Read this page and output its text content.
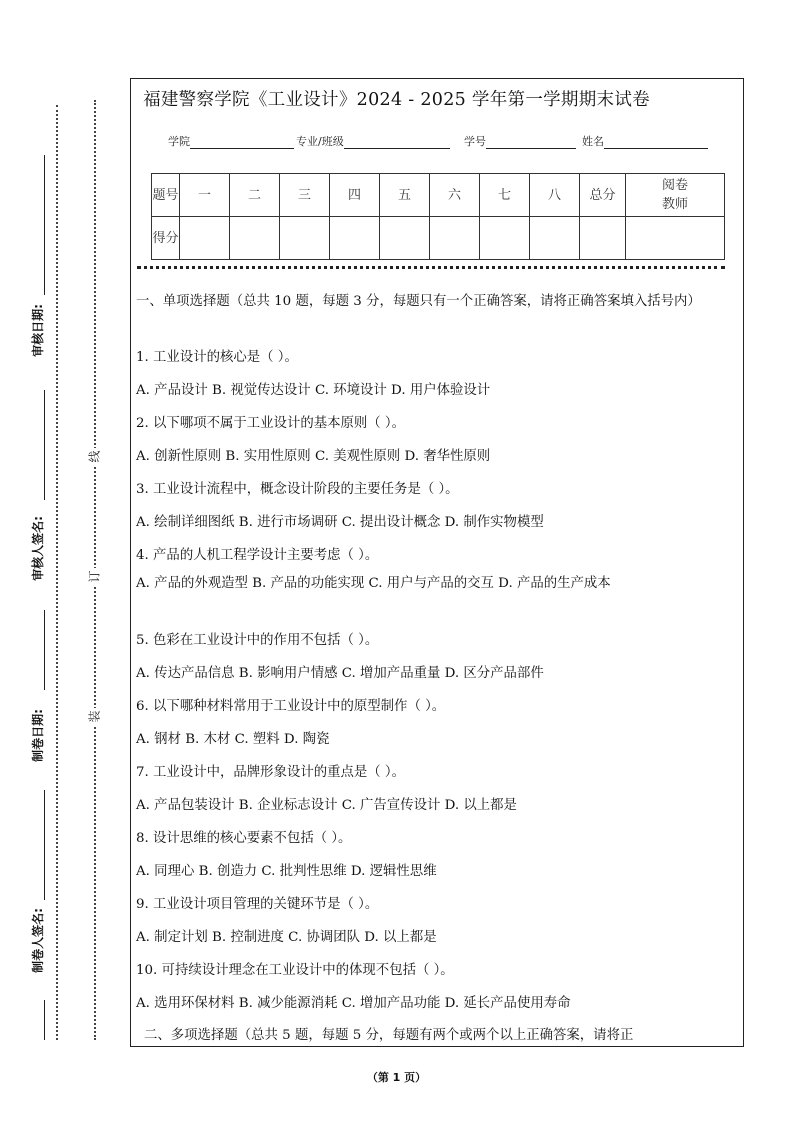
审核日期:
审核人签名:
制卷日期:
制卷人签名:
线
订
装
福建警察学院《工业设计》2024 - 2025 学年第一学期期末试卷
学院	专业/班级	学号	姓名
题号	一	二	三	四	五	六	七	八	总分	阅卷教师
得分										
一、单项选择题（总共 10 题，每题 3 分，每题只有一个正确答案，请将正确答案填入括号内）
1. 工业设计的核心是（ ）。
A. 产品设计 B. 视觉传达设计 C. 环境设计 D. 用户体验设计
2. 以下哪项不属于工业设计的基本原则（ ）。
A. 创新性原则 B. 实用性原则 C. 美观性原则 D. 奢华性原则
3. 工业设计流程中，概念设计阶段的主要任务是（ ）。
A. 绘制详细图纸 B. 进行市场调研 C. 提出设计概念 D. 制作实物模型
4. 产品的人机工程学设计主要考虑（ ）。
A. 产品的外观造型 B. 产品的功能实现 C. 用户与产品的交互 D. 产品的生产成本
5. 色彩在工业设计中的作用不包括（ ）。
A. 传达产品信息 B. 影响用户情感 C. 增加产品重量 D. 区分产品部件
6. 以下哪种材料常用于工业设计中的原型制作（ ）。
A. 钢材 B. 木材 C. 塑料 D. 陶瓷
7. 工业设计中，品牌形象设计的重点是（ ）。
A. 产品包装设计 B. 企业标志设计 C. 广告宣传设计 D. 以上都是
8. 设计思维的核心要素不包括（ ）。
A. 同理心 B. 创造力 C. 批判性思维 D. 逻辑性思维
9. 工业设计项目管理的关键环节是（ ）。
A. 制定计划 B. 控制进度 C. 协调团队 D. 以上都是
10. 可持续设计理念在工业设计中的体现不包括（ ）。
A. 选用环保材料 B. 减少能源消耗 C. 增加产品功能 D. 延长产品使用寿命
二、多项选择题（总共 5 题，每题 5 分，每题有两个或两个以上正确答案，请将正
（第 1 页）
